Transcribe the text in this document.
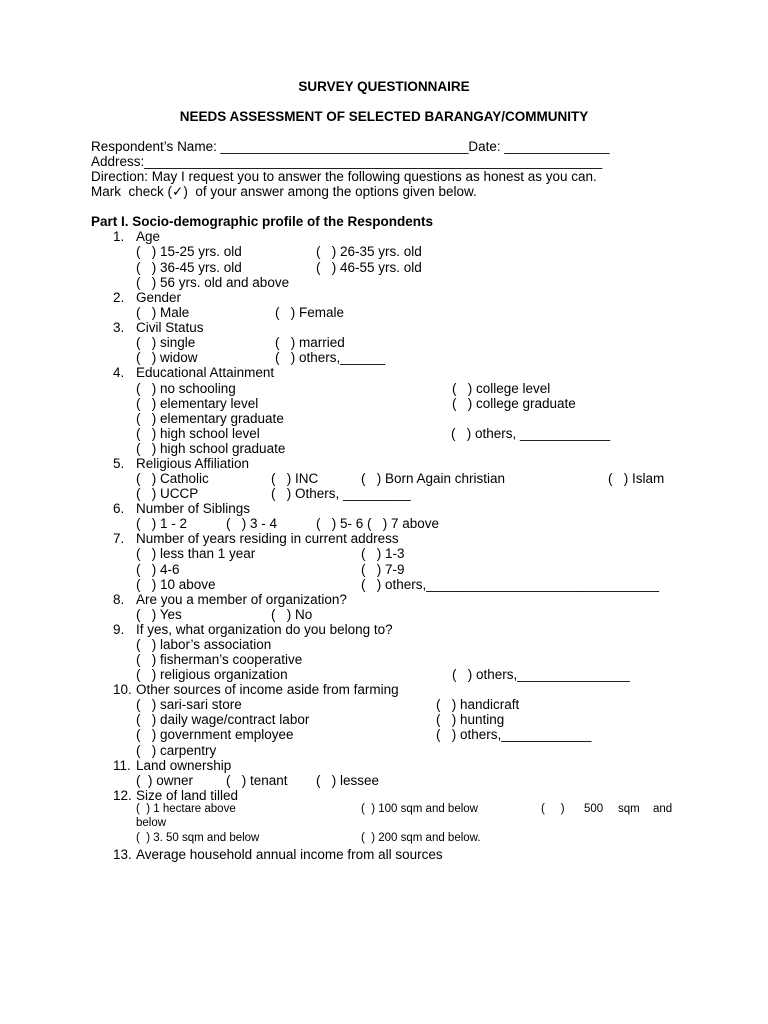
SURVEY QUESTIONNAIRE
NEEDS ASSESSMENT OF SELECTED BARANGAY/COMMUNITY
Respondent’s Name: _________________________________Date: ______________
Address:_____________________________________________________________
Direction: May I request you to answer the following questions as honest as you can.
Mark  check (✓)  of your answer among the options given below.
Part I. Socio-demographic profile of the Respondents
1. Age
(   ) 15-25 yrs. old	(   ) 26-35 yrs. old
(   ) 36-45 yrs. old	(   ) 46-55 yrs. old
(   ) 56 yrs. old and above
2. Gender
(   ) Male	(   ) Female
3. Civil Status
(   ) single	(   ) married
(   ) widow	(   ) others,______
4. Educational Attainment
(   ) no schooling	(   ) college level
(   ) elementary level	(   ) college graduate
(   ) elementary graduate
(   ) high school level	(   ) others, ____________
(   ) high school graduate
5. Religious Affiliation
(   ) Catholic	(   ) INC	(   ) Born Again christian	(   ) Islam
(   ) UCCP	(   ) Others, _________
6. Number of Siblings
(   ) 1 - 2	(   ) 3 - 4	(   ) 5- 6 (   ) 7 above
7. Number of years residing in current address
(   ) less than 1 year	(   ) 1-3
(   ) 4-6	(   ) 7-9
(   ) 10 above	(   ) others,_______________________________
8. Are you a member of organization?
(   ) Yes	(   ) No
9. If yes, what organization do you belong to?
(   ) labor’s association
(   ) fisherman’s cooperative
(   ) religious organization	(   ) others,_______________
10. Other sources of income aside from farming
(   ) sari-sari store	(   ) handicraft
(   ) daily wage/contract labor	(   ) hunting
(   ) government employee	(   ) others,____________
(   ) carpentry
11. Land ownership
(  ) owner (   ) tenant (   ) lessee
12. Size of land tilled
(  ) 1 hectare above	(  ) 100 sqm and below	(     ) 500 sqm and
below
(  ) 3. 50 sqm and below	(  ) 200 sqm and below.
13. Average household annual income from all sources
